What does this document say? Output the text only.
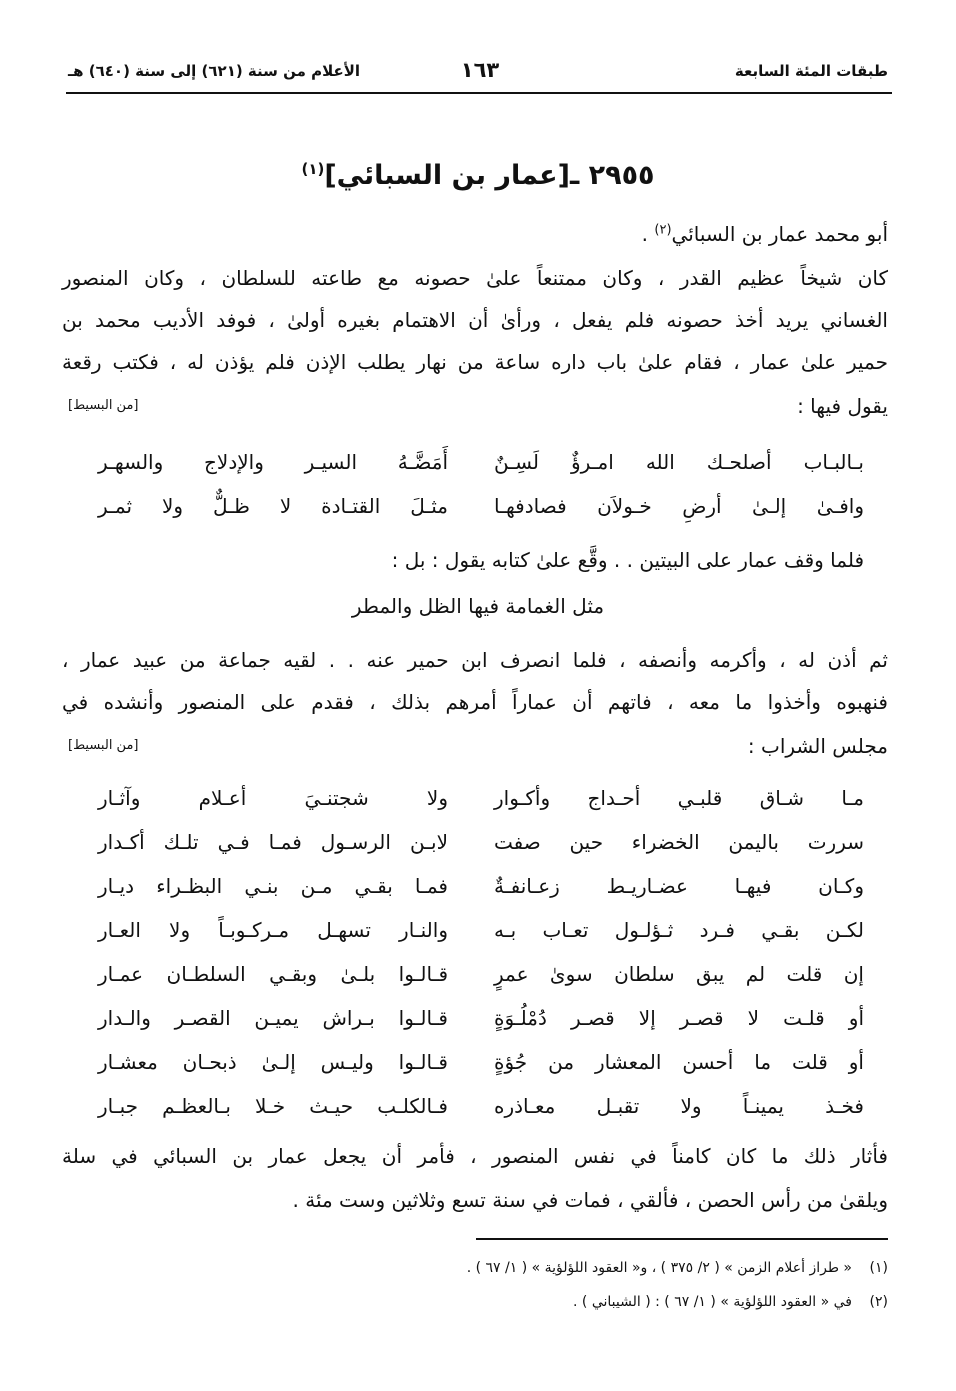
طبقات المئة السابعة
١٦٣
الأعلام من سنة (٦٢١) إلى سنة (٦٤٠) هـ
٢٩٥٥ ـ[عمار بن السبائي]$^{(١)}$
أبو محمد عمار بن السبائي$^{(٢)}$ .
كان شيخاً عظيم القدر ، وكان ممتنعاً علىٰ حصونه مع طاعته للسلطان ، وكان المنصور
الغساني يريد أخذ حصونه فلم يفعل ، ورأىٰ أن الاهتمام بغيره أولىٰ ، فوفد الأديب محمد بن
حمير علىٰ عمار ، فقام علىٰ باب داره ساعة من نهار يطلب الإذن فلم يؤذن له ، فكتب رقعة
يقول فيها :
[من البسيط]
بـالبـاب أصلحـك الله امـرؤٌ لَسِـنٌ
أَمَضَّـهُ السيـر والإدلاج والسهـر
وافـىٰ إلـىٰ أرضِ خـولاَن فصادفهـا
مثـلَ القتـادة لا ظـلٌّ ولا ثمـر
فلما وقف عمار على البيتين . . وقَّع علىٰ كتابه يقول : بل :
مثل الغمامة فيها الظل والمطر
ثم أذن له ، وأكرمه وأنصفه ، فلما انصرف ابن حمير عنه . . لقيه جماعة من عبيد عمار ،
فنهبوه وأخذوا ما معه ، فاتهم أن عماراً أمرهم بذلك ، فقدم على المنصور وأنشده في
مجلس الشراب :
[من البسيط]
مـا شـاق قلبـي أحـداج وأكـوار
ولا شجتنـيَ أعـلام وآثـار
سررت باليمن الخضراء حين صفت
لابـن الرسـول فمـا فـي تلـك أكـدار
وكـان فيهـا عضـاريـط زعـانفـةٌ
فمـا بقـي مـن بنـي البظـراء ديـار
لكـن بقـي فـرد ثـؤلـول تعـاب بـه
والنـار تسهـل مـركـوبـاً ولا العـار
إن قلت لم يبق سلطان سوىٰ عمرٍ
قـالـوا بلـىٰ وبقـي السلطـان عمـار
أو قلـت لا قصـر إلا قصـر دُمْلُـوَةٍ
قـالـوا بـراش يميـن القصـر والـدار
أو قلت ما أحسن المعشار من جُؤةٍ
قـالـوا وليـس إلـىٰ ذبحـان معشـار
فخـذ يمينـاً ولا تقبـل معـاذره
فـالكلـب حيـث خـلا بـالعظـم جبـار
فأثار ذلك ما كان كامناً في نفس المنصور ، فأمر أن يجعل عمار بن السبائي في سلة
ويلقىٰ من رأس الحصن ، فألقي ، فمات في سنة تسع وثلاثين وست مئة .
(١)« طراز أعلام الزمن » ( ٢/ ٣٧٥ ) ، و« العقود اللؤلؤية » ( ١/ ٦٧ ) .
(٢)في « العقود اللؤلؤية » ( ١/ ٦٧ ) : ( الشيباني ) .
